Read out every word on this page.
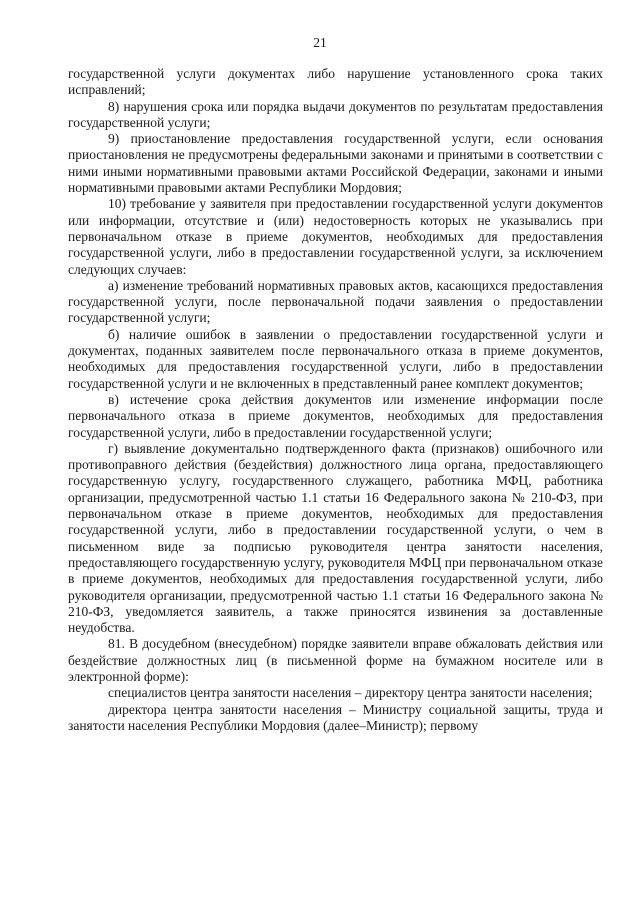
21

государственной услуги документах либо нарушение установленного срока таких исправлений;

8) нарушения срока или порядка выдачи документов по результатам предоставления государственной услуги;

9) приостановление предоставления государственной услуги, если основания приостановления не предусмотрены федеральными законами и принятыми в соответствии с ними иными нормативными правовыми актами Российской Федерации, законами и иными нормативными правовыми актами Республики Мордовия;

10) требование у заявителя при предоставлении государственной услуги документов или информации, отсутствие и (или) недостоверность которых не указывались при первоначальном отказе в приеме документов, необходимых для предоставления государственной услуги, либо в предоставлении государственной услуги, за исключением следующих случаев:

а) изменение требований нормативных правовых актов, касающихся предоставления государственной услуги, после первоначальной подачи заявления о предоставлении государственной услуги;

б) наличие ошибок в заявлении о предоставлении государственной услуги и документах, поданных заявителем после первоначального отказа в приеме документов, необходимых для предоставления государственной услуги, либо в предоставлении государственной услуги и не включенных в представленный ранее комплект документов;

в) истечение срока действия документов или изменение информации после первоначального отказа в приеме документов, необходимых для предоставления государственной услуги, либо в предоставлении государственной услуги;

г) выявление документально подтвержденного факта (признаков) ошибочного или противоправного действия (бездействия) должностного лица органа, предоставляющего государственную услугу, государственного служащего, работника МФЦ, работника организации, предусмотренной частью 1.1 статьи 16 Федерального закона № 210-ФЗ, при первоначальном отказе в приеме документов, необходимых для предоставления государственной услуги, либо в предоставлении государственной услуги, о чем в письменном виде за подписью руководителя центра занятости населения, предоставляющего государственную услугу, руководителя МФЦ при первоначальном отказе в приеме документов, необходимых для предоставления государственной услуги, либо руководителя организации, предусмотренной частью 1.1 статьи 16 Федерального закона № 210-ФЗ, уведомляется заявитель, а также приносятся извинения за доставленные неудобства.

81. В досудебном (внесудебном) порядке заявители вправе обжаловать действия или бездействие должностных лиц (в письменной форме на бумажном носителе или в электронной форме):

специалистов центра занятости населения – директору центра занятости населения;

директора центра занятости населения – Министру социальной защиты, труда и занятости населения Республики Мордовия (далее–Министр); первому
